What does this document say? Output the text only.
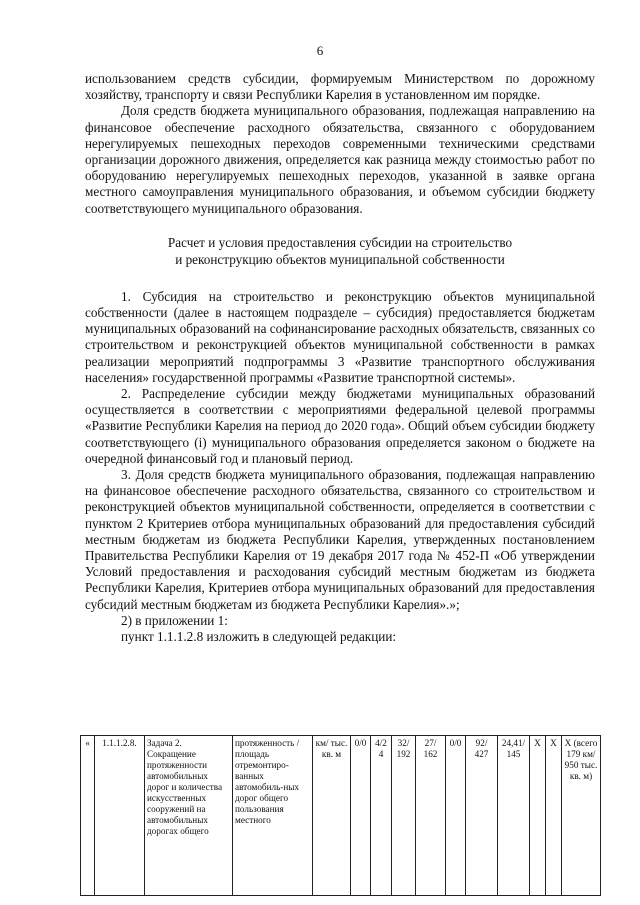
6

использованием средств субсидии, формируемым Министерством по дорожному хозяйству, транспорту и связи Республики Карелия в установленном им порядке.

Доля средств бюджета муниципального образования, подлежащая направлению на финансовое обеспечение расходного обязательства, связанного с оборудованием нерегулируемых пешеходных переходов современными техническими средствами организации дорожного движения, определяется как разница между стоимостью работ по оборудованию нерегулируемых пешеходных переходов, указанной в заявке органа местного самоуправления муниципального образования, и объемом субсидии бюджету соответствующего муниципального образования.

Расчет и условия предоставления субсидии на строительство
и реконструкцию объектов муниципальной собственности

1. Субсидия на строительство и реконструкцию объектов муниципальной собственности (далее в настоящем подразделе – субсидия) предоставляется бюджетам муниципальных образований на софинансирование расходных обязательств, связанных со строительством и реконструкцией объектов муниципальной собственности в рамках реализации мероприятий подпрограммы 3 «Развитие транспортного обслуживания населения» государственной программы «Развитие транспортной системы».

2. Распределение субсидии между бюджетами муниципальных образований осуществляется в соответствии с мероприятиями федеральной целевой программы «Развитие Республики Карелия на период до 2020 года». Общий объем субсидии бюджету соответствующего (i) муниципального образования определяется законом о бюджете на очередной финансовый год и плановый период.

3. Доля средств бюджета муниципального образования, подлежащая направлению на финансовое обеспечение расходного обязательства, связанного со строительством и реконструкцией объектов муниципальной собственности, определяется в соответствии с пунктом 2 Критериев отбора муниципальных образований для предоставления субсидий местным бюджетам из бюджета Республики Карелия, утвержденных постановлением Правительства Республики Карелия от 19 декабря 2017 года № 452-П «Об утверждении Условий предоставления и расходования субсидий местным бюджетам из бюджета Республики Карелия, Критериев отбора муниципальных образований для предоставления субсидий местным бюджетам из бюджета Республики Карелия».»;

2) в приложении 1:

пункт 1.1.1.2.8 изложить в следующей редакции:

«	1.1.1.2.8.	Задача 2. Сокращение протяженности автомобильных дорог и количества искусственных сооружений на автомобильных дорогах общего	протяженность /площадь отремонтиро-ванных автомобиль-ных дорог общего пользования местного	км/ тыс. кв. м	0/0	4/24	32/ 192	27/ 162	0/0	92/ 427	24,41/ 145	X	X	X (всего 179 км/ 950 тыс. кв. м)
